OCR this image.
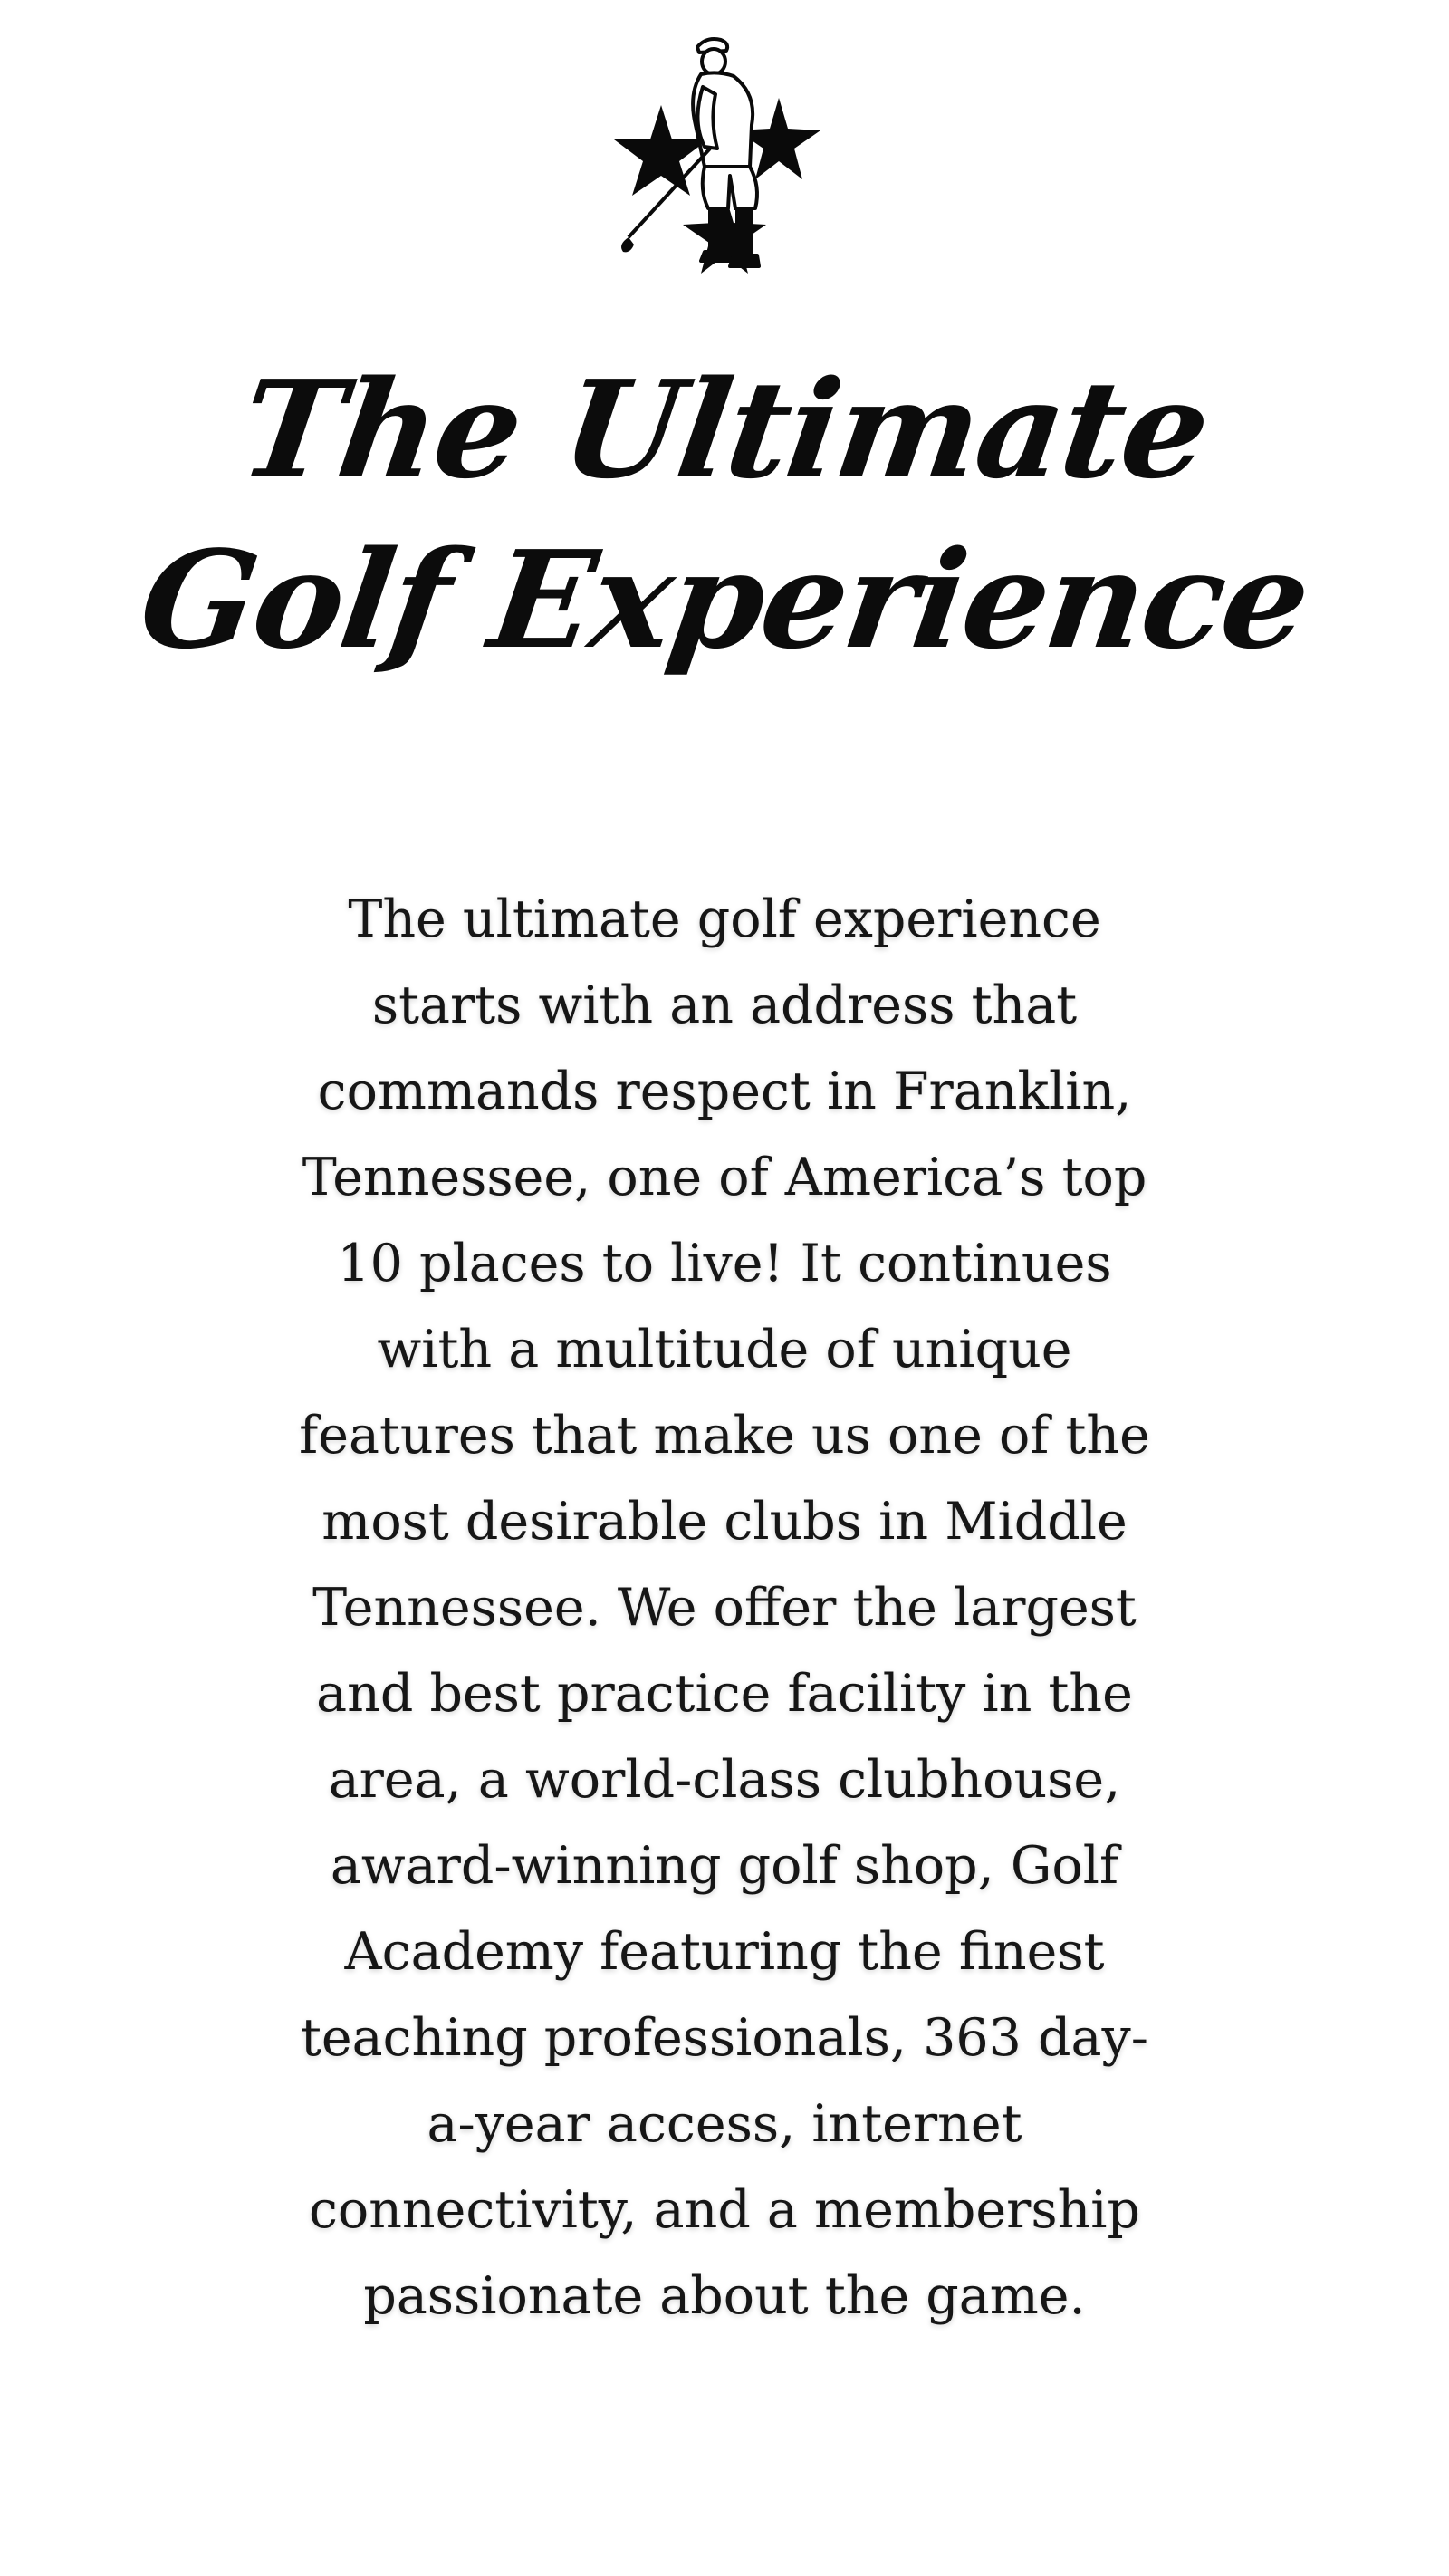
The Ultimate
Golf Experience

The ultimate golf experience
starts with an address that
commands respect in Franklin,
Tennessee, one of America’s top
10 places to live! It continues
with a multitude of unique
features that make us one of the
most desirable clubs in Middle
Tennessee. We offer the largest
and best practice facility in the
area, a world-class clubhouse,
award-winning golf shop, Golf
Academy featuring the finest
teaching professionals, 363 day-
a-year access, internet
connectivity, and a membership
passionate about the game.
